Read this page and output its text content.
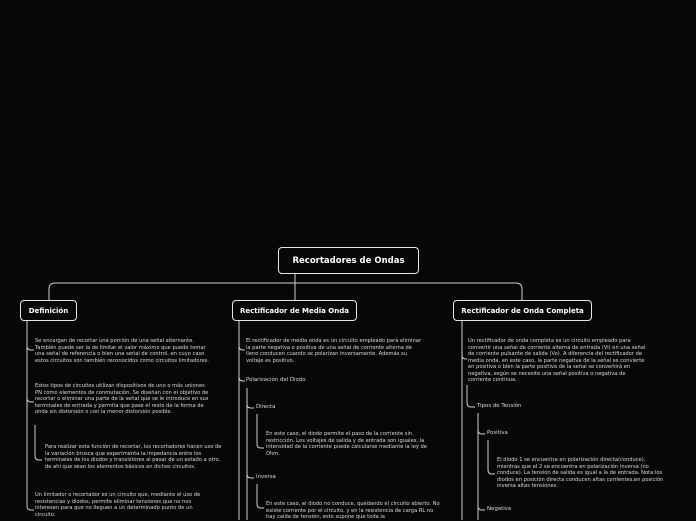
Recortadores de Ondas
Definición	Rectificador de Media Onda	Rectificador de Onda Completa
Se encargan de recortar una porción de una señal alternante. También puede ser la de limitar el valor máximo que puede tomar una señal de referencia o bien una señal de control, en cuyo caso estos circuitos son también reconocidos como circuitos limitadores.
Estos tipos de circuitos utilizan dispositivos de uno o más uniones PN como elementos de conmutación. Se diseñan con el objetivo de recortar o eliminar una parte de la señal que se le introduce en sus terminales de entrada y permita que pase el resto de la forma de onda sin distorsión o con la menor distorsión posible.
Para realizar esta función de recortar, los recortadores hacen uso de la variación brusca que experimenta la impedancia entre los terminales de los diodos y transistores al pasar de un estado a otro, de ahí que sean los elementos básicos en dichos circuitos.
Un limitador o recortador es un circuito que, mediante el uso de resistencias y diodos, permite eliminar tensiones que no nos interesen para que no lleguen a un determinado punto de un circuito.
El rectificador de media onda es un circuito empleado para eliminar la parte negativa o positiva de una señal de corriente alterna de lleno conducen cuando se polarizan inversamente. Además su voltaje es positivo.
Polarización del Diodo
Directa
En este caso, el diodo permite el paso de la corriente sin restricción. Los voltajes de salida y de entrada son iguales, la intensidad de la corriente puede calcularse mediante la ley de Ohm.
Inversa
En este caso, el diodo no conduce, quedando el circuito abierto. No existe corriente por el circuito, y en la resistencia de carga RL no hay caída de tensión, esto supone que toda la
Un rectificador de onda completa es un circuito empleado para convertir una señal de corriente alterna de entrada (Vi) en una señal de corriente pulsante de salida (Vo). A diferencia del rectificador de media onda, en este caso, la parte negativa de la señal se convierte en positiva o bien la parte positiva de la señal se convertirá en negativa, según se necesite una señal positiva o negativa de corriente continua.
Tipos de Tensión
Positiva
El diodo 1 se encuentra en polarización directa(conduce), mientras que el 2 se encuentra en polarización inversa (no conduce). La tensión de salida es igual a la de entrada. Nota:los diodos en posición directa conducen altas corrientes,en posición inversa altas tensiones.
Negativa
